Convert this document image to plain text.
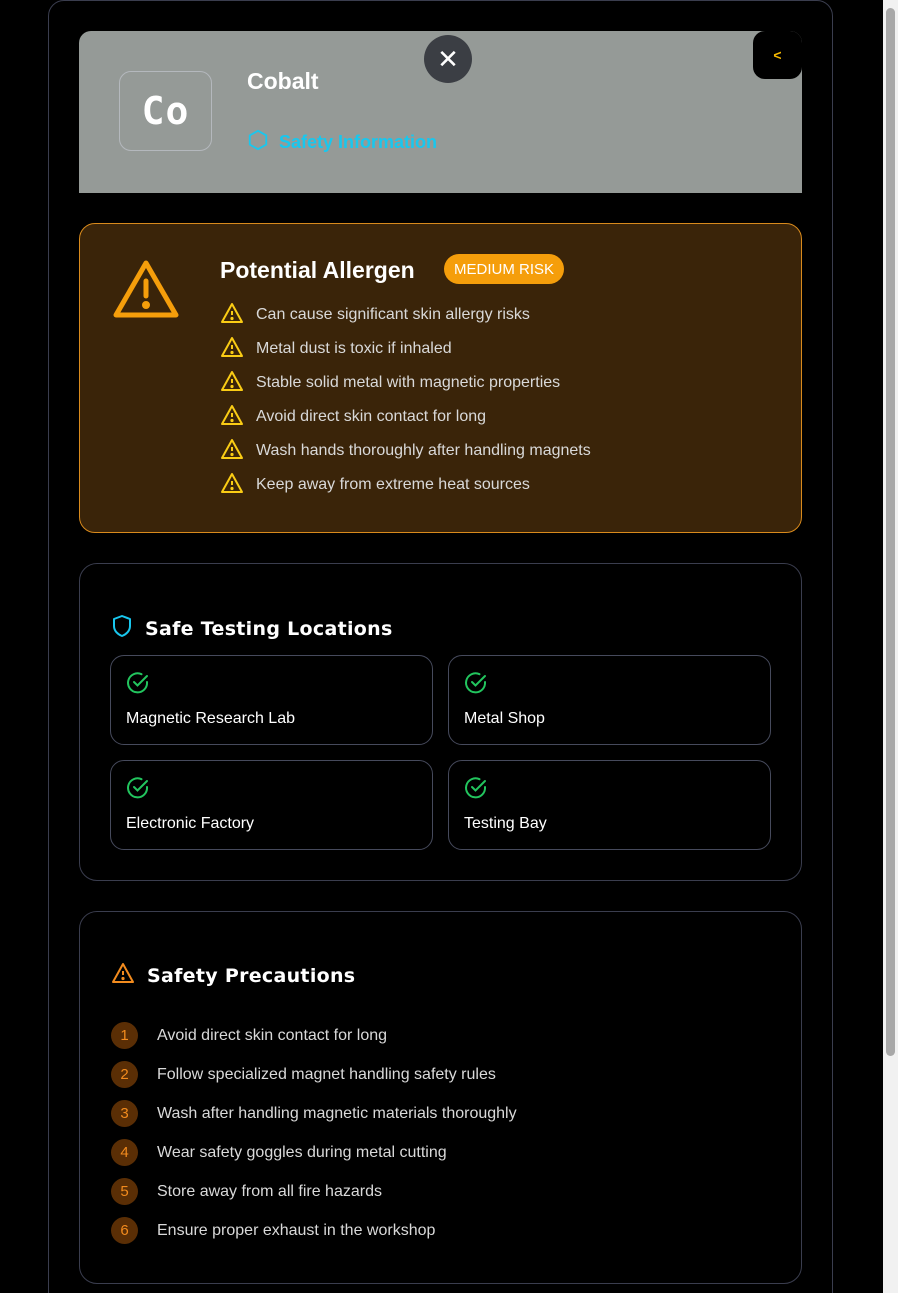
Co
Cobalt
Safety Information
✕	<
Potential Allergen	MEDIUM RISK
Can cause significant skin allergy risks
Metal dust is toxic if inhaled
Stable solid metal with magnetic properties
Avoid direct skin contact for long
Wash hands thoroughly after handling magnets
Keep away from extreme heat sources
Safe Testing Locations
Magnetic Research Lab	Metal Shop
Electronic Factory	Testing Bay
Safety Precautions
1	Avoid direct skin contact for long
2	Follow specialized magnet handling safety rules
3	Wash after handling magnetic materials thoroughly
4	Wear safety goggles during metal cutting
5	Store away from all fire hazards
6	Ensure proper exhaust in the workshop
